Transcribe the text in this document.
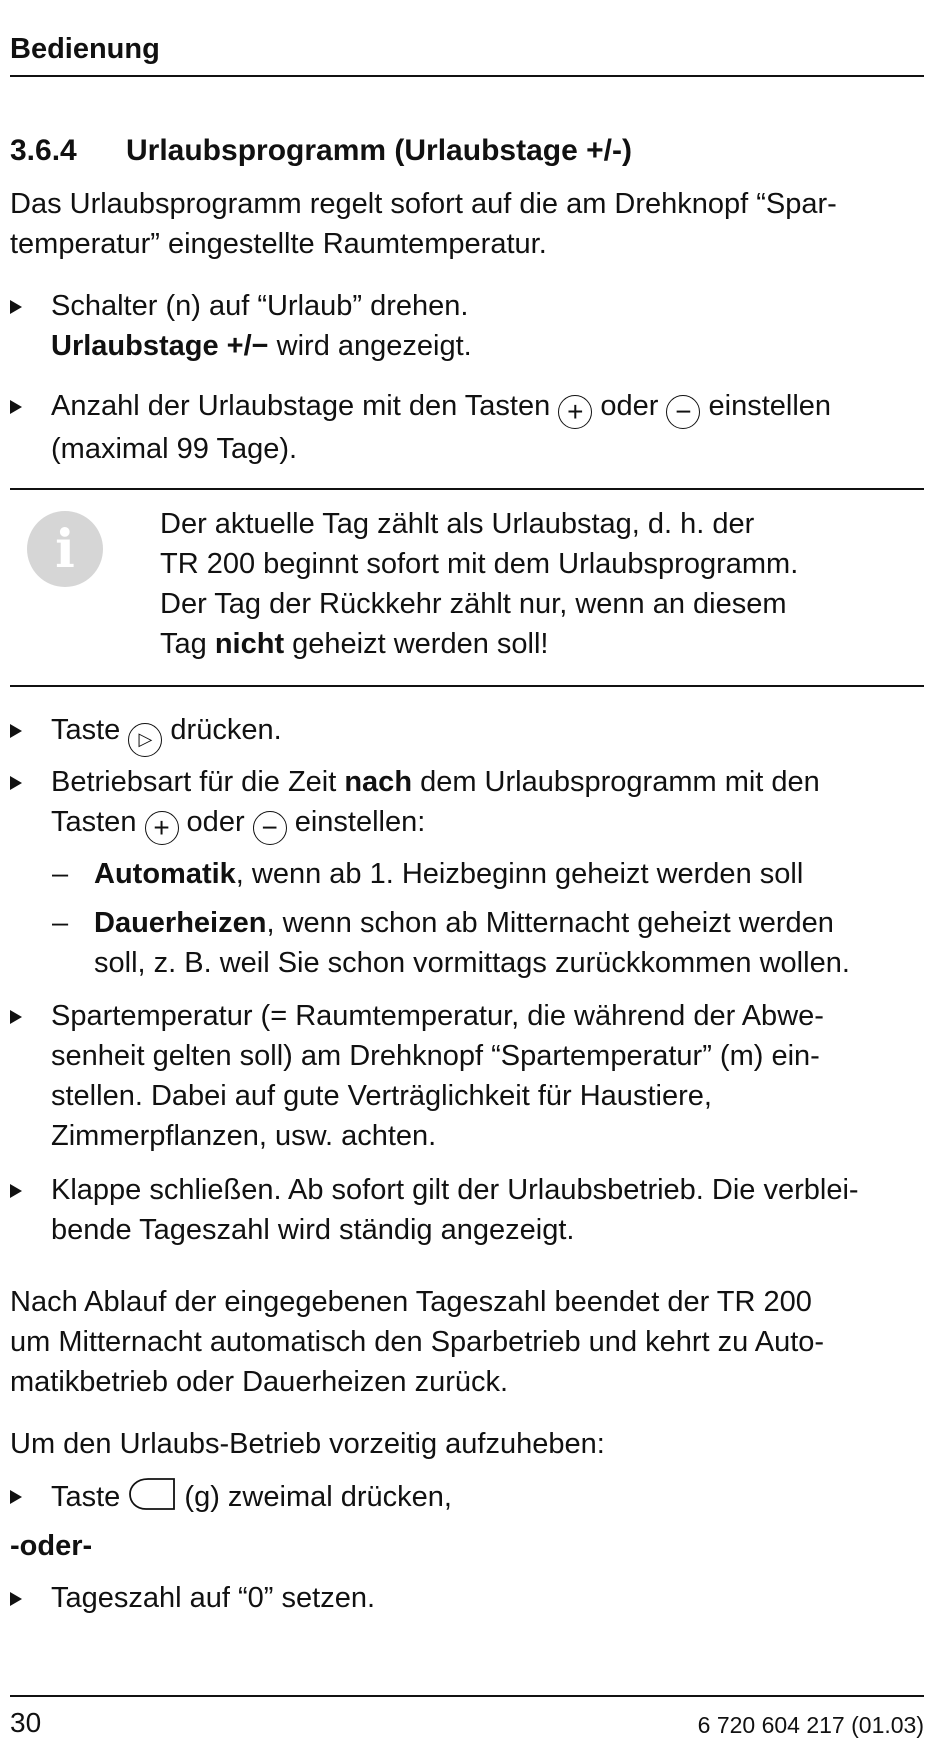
Bedienung
3.6.4 Urlaubsprogramm (Urlaubstage +/-)
Das Urlaubsprogramm regelt sofort auf die am Drehknopf “Spar-
temperatur” eingestellte Raumtemperatur.
Schalter (n) auf “Urlaub” drehen.
Urlaubstage +/− wird angezeigt.
Anzahl der Urlaubstage mit den Tasten + oder − einstellen
(maximal 99 Tage).
i	Der aktuelle Tag zählt als Urlaubstag, d. h. der
TR 200 beginnt sofort mit dem Urlaubsprogramm.
Der Tag der Rückkehr zählt nur, wenn an diesem
Tag nicht geheizt werden soll!
Taste ▷ drücken.
Betriebsart für die Zeit nach dem Urlaubsprogramm mit den
Tasten + oder − einstellen:
– Automatik, wenn ab 1. Heizbeginn geheizt werden soll
– Dauerheizen, wenn schon ab Mitternacht geheizt werden
soll, z. B. weil Sie schon vormittags zurückkommen wollen.
Spartemperatur (= Raumtemperatur, die während der Abwe-
senheit gelten soll) am Drehknopf “Spartemperatur” (m) ein-
stellen. Dabei auf gute Verträglichkeit für Haustiere,
Zimmerpflanzen, usw. achten.
Klappe schließen. Ab sofort gilt der Urlaubsbetrieb. Die verblei-
bende Tageszahl wird ständig angezeigt.
Nach Ablauf der eingegebenen Tageszahl beendet der TR 200
um Mitternacht automatisch den Sparbetrieb und kehrt zu Auto-
matikbetrieb oder Dauerheizen zurück.
Um den Urlaubs-Betrieb vorzeitig aufzuheben:
Taste  (g) zweimal drücken,
-oder-
Tageszahl auf “0” setzen.
30	6 720 604 217 (01.03)
